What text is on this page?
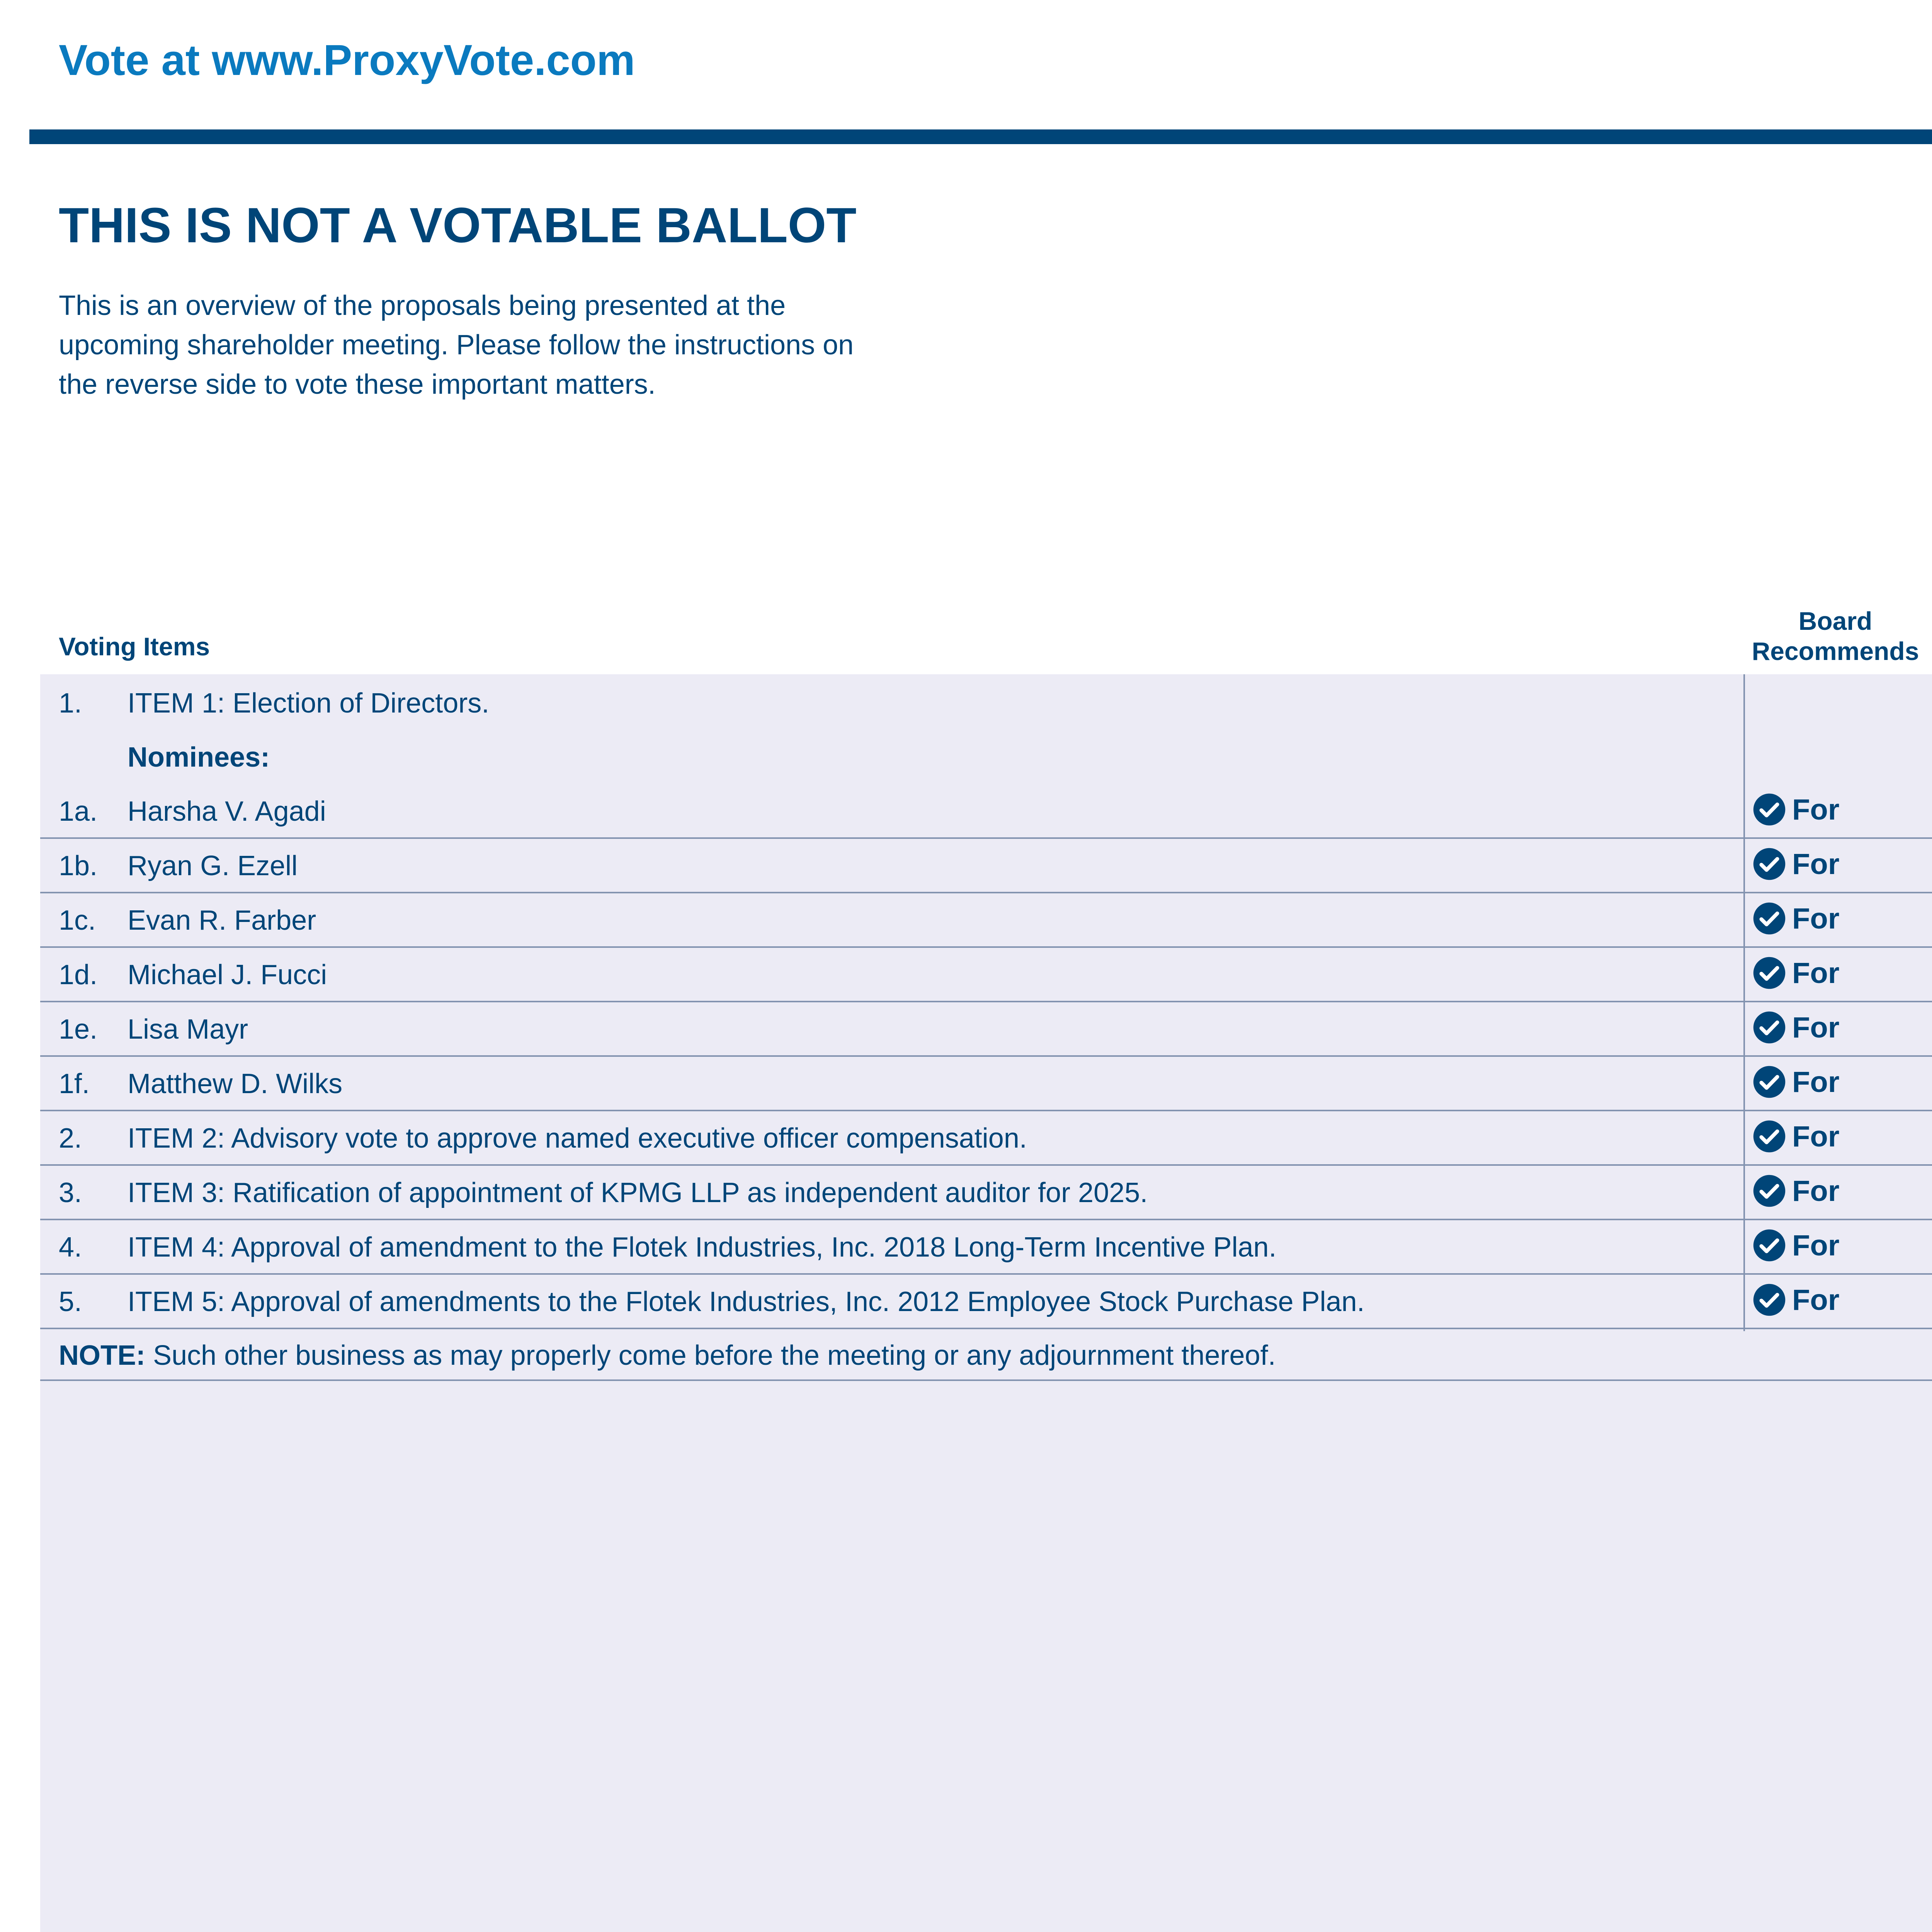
Vote at www.ProxyVote.com
THIS IS NOT A VOTABLE BALLOT
This is an overview of the proposals being presented at the
upcoming shareholder meeting. Please follow the instructions on
the reverse side to vote these important matters.
Voting Items
Board
Recommends
1. ITEM 1: Election of Directors.
Nominees:
1a. Harsha V. Agadi	For
1b. Ryan G. Ezell	For
1c. Evan R. Farber	For
1d. Michael J. Fucci	For
1e. Lisa Mayr	For
1f. Matthew D. Wilks	For
2. ITEM 2: Advisory vote to approve named executive officer compensation.	For
3. ITEM 3: Ratification of appointment of KPMG LLP as independent auditor for 2025.	For
4. ITEM 4: Approval of amendment to the Flotek Industries, Inc. 2018 Long-Term Incentive Plan.	For
5. ITEM 5: Approval of amendments to the Flotek Industries, Inc. 2012 Employee Stock Purchase Plan.	For
NOTE: Such other business as may properly come before the meeting or any adjournment thereof.
